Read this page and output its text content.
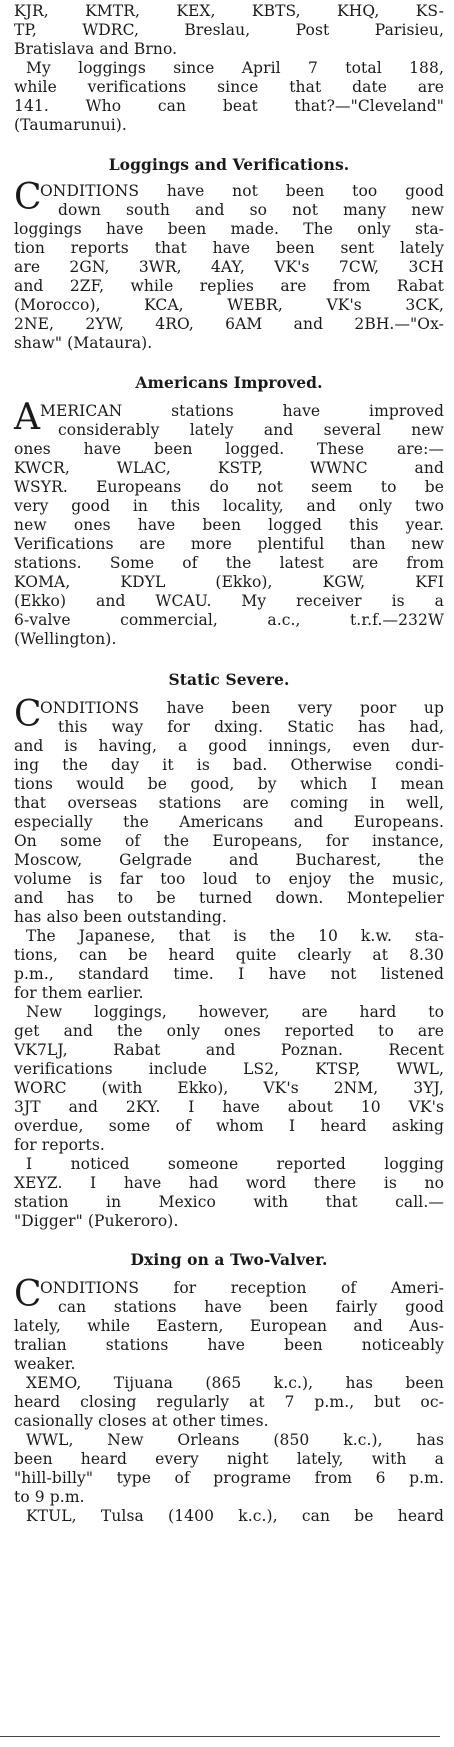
KJR, KMTR, KEX, KBTS, KHQ, KS-
TP, WDRC, Breslau, Post Parisieu,
Bratislava and Brno.
My loggings since April 7 total 188,
while verifications since that date are
141. Who can beat that?—"Cleveland"
(Taumarunui).
Loggings and Verifications.
C
ONDITIONS have not been too good
down south and so not many new
loggings have been made. The only sta-
tion reports that have been sent lately
are 2GN, 3WR, 4AY, VK's 7CW, 3CH
and 2ZF, while replies are from Rabat
(Morocco), KCA, WEBR, VK's 3CK,
2NE, 2YW, 4RO, 6AM and 2BH.—"Ox-
shaw" (Mataura).
Americans Improved.
A MERICAN stations have improved
considerably lately and several new
ones have been logged. These are:—
KWCR, WLAC, KSTP, WWNC and
WSYR. Europeans do not seem to be
very good in this locality, and only two
new ones have been logged this year.
Verifications are more plentiful than new
stations. Some of the latest are from
KOMA, KDYL (Ekko), KGW, KFI
(Ekko) and WCAU. My receiver is a
6-valve commercial, a.c., t.r.f.—232W
(Wellington).
Static Severe.
C
ONDITIONS have been very poor up
this way for dxing. Static has had,
and is having, a good innings, even dur-
ing the day it is bad. Otherwise condi-
tions would be good, by which I mean
that overseas stations are coming in well,
especially the Americans and Europeans.
On some of the Europeans, for instance,
Moscow, Gelgrade and Bucharest, the
volume is far too loud to enjoy the music,
and has to be turned down. Montepelier
has also been outstanding.
The Japanese, that is the 10 k.w. sta-
tions, can be heard quite clearly at 8.30
p.m., standard time. I have not listened
for them earlier.
New loggings, however, are hard to
get and the only ones reported to are
VK7LJ, Rabat and Poznan. Recent
verifications include LS2, KTSP, WWL,
WORC (with Ekko), VK's 2NM, 3YJ,
3JT and 2KY. I have about 10 VK's
overdue, some of whom I heard asking
for reports.
I noticed someone reported logging
XEYZ. I have had word there is no
station in Mexico with that call.—
"Digger" (Pukeroro).
Dxing on a Two-Valver.
C
ONDITIONS for reception of Ameri-
can stations have been fairly good
lately, while Eastern, European and Aus-
tralian stations have been noticeably
weaker.
XEMO, Tijuana (865 k.c.), has been
heard closing regularly at 7 p.m., but oc-
casionally closes at other times.
WWL, New Orleans (850 k.c.), has
been heard every night lately, with a
"hill-billy" type of programe from 6 p.m.
to 9 p.m.
KTUL, Tulsa (1400 k.c.), can be heard
